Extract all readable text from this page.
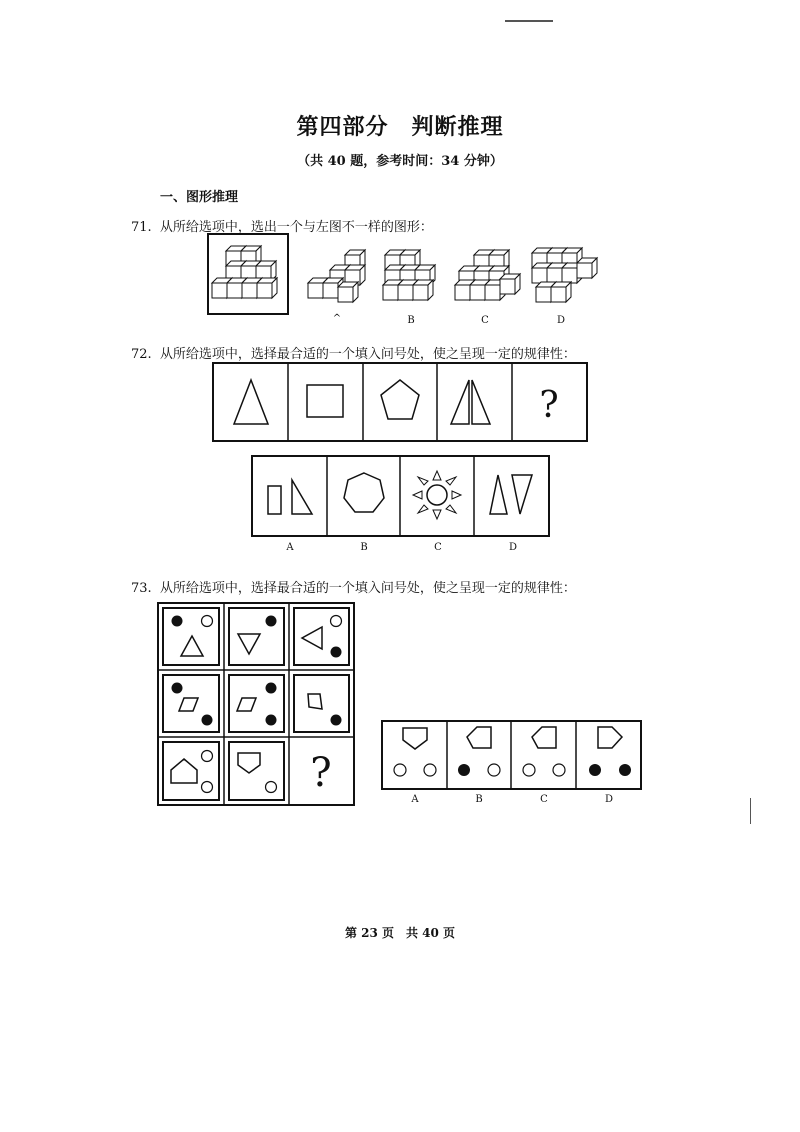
第四部分　判断推理
（共 40 题，参考时间：34 分钟）
一、图形推理
71. 从所给选项中，选出一个与左图不一样的图形：
^	B	C	D
72. 从所给选项中，选择最合适的一个填入问号处，使之呈现一定的规律性：
?
A	B	C	D
73. 从所给选项中，选择最合适的一个填入问号处，使之呈现一定的规律性：
?
A	B	C	D
第 23 页　共 40 页
